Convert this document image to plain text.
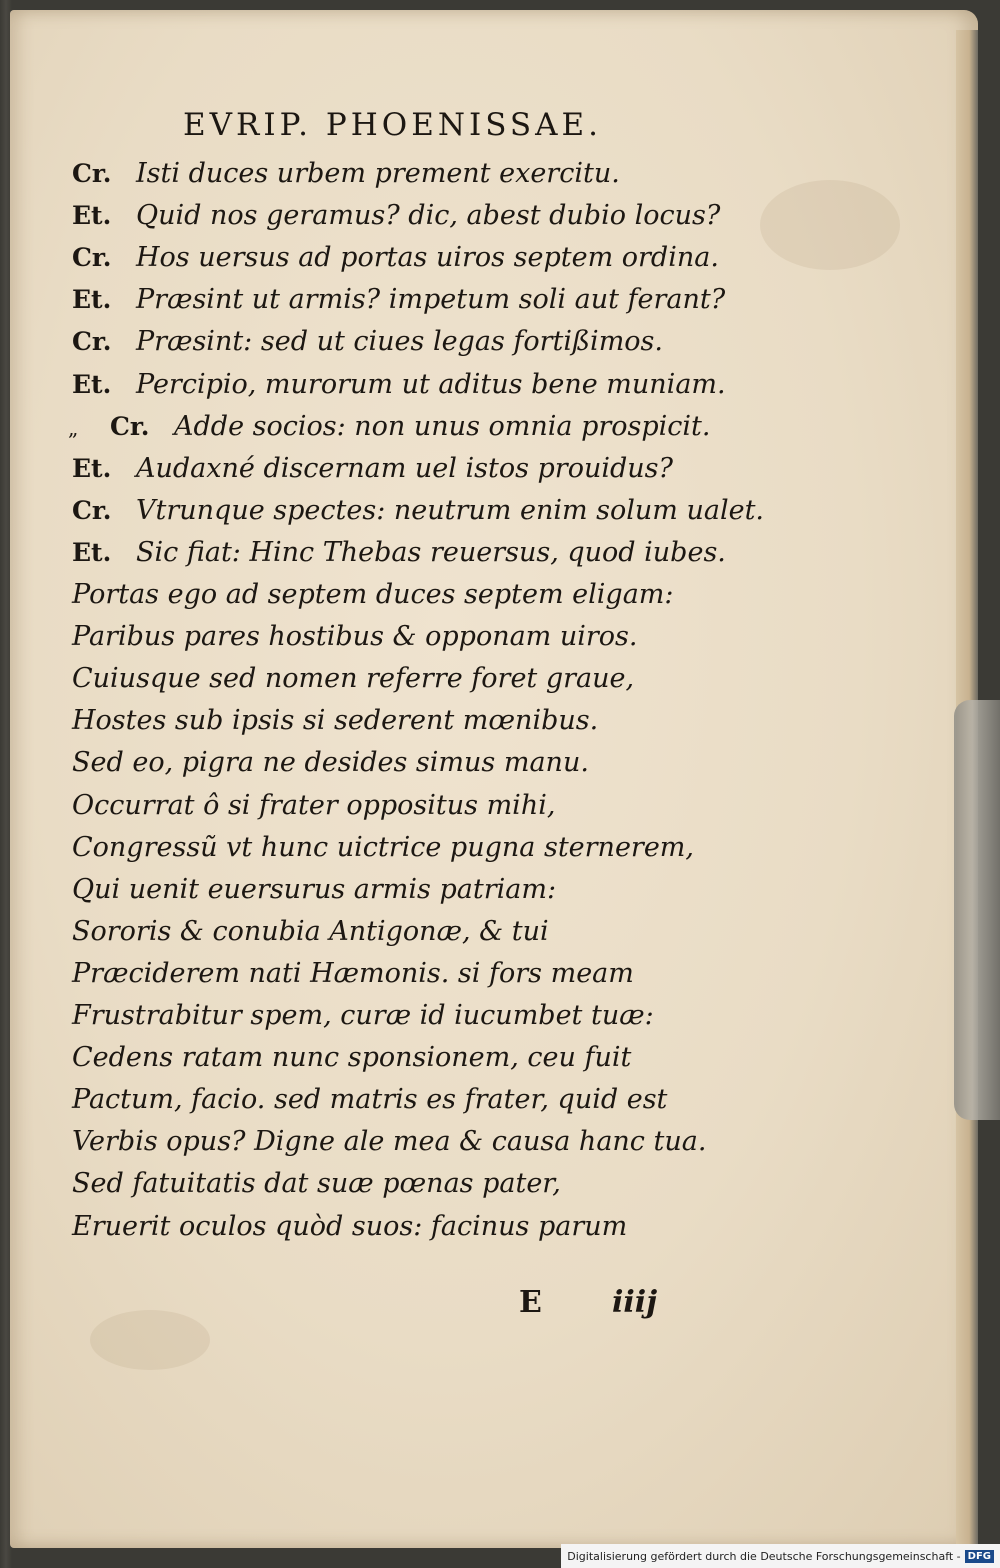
EVRIP. PHOENISSAE.
Cr. Isti duces urbem prement exercitu.
Et. Quid nos geramus? dic, abest dubio locus?
Cr. Hos uersus ad portas uiros septem ordina.
Et. Præsint ut armis? impetum soli aut ferant?
Cr. Præsint: sed ut ciues legas fortißimos.
Et. Percipio, murorum ut aditus bene muniam.
„ Cr. Adde socios: non unus omnia prospicit.
Et. Audaxné discernam uel istos prouidus?
Cr. Vtrunque spectes: neutrum enim solum ualet.
Et. Sic fiat: Hinc Thebas reuersus, quod iubes.
Portas ego ad septem duces septem eligam:
Paribus pares hostibus & opponam uiros.
Cuiusque sed nomen referre foret graue,
Hostes sub ipsis si sederent mœnibus.
Sed eo, pigra ne desides simus manu.
Occurrat ô si frater oppositus mihi,
Congressũ vt hunc uictrice pugna sternerem,
Qui uenit euersurus armis patriam:
Sororis & conubia Antigonæ, & tui
Præciderem nati Hæmonis. si fors meam
Frustrabitur spem, curæ id iucumbet tuæ:
Cedens ratam nunc sponsionem, ceu fuit
Pactum, facio. sed matris es frater, quid est
Verbis opus? Digne ale mea & causa hanc tua.
Sed fatuitatis dat suæ pœnas pater,
Eruerit oculos quòd suos: facinus parum
E iiij
Digitalisierung gefördert durch die Deutsche Forschungsgemeinschaft - DFG
